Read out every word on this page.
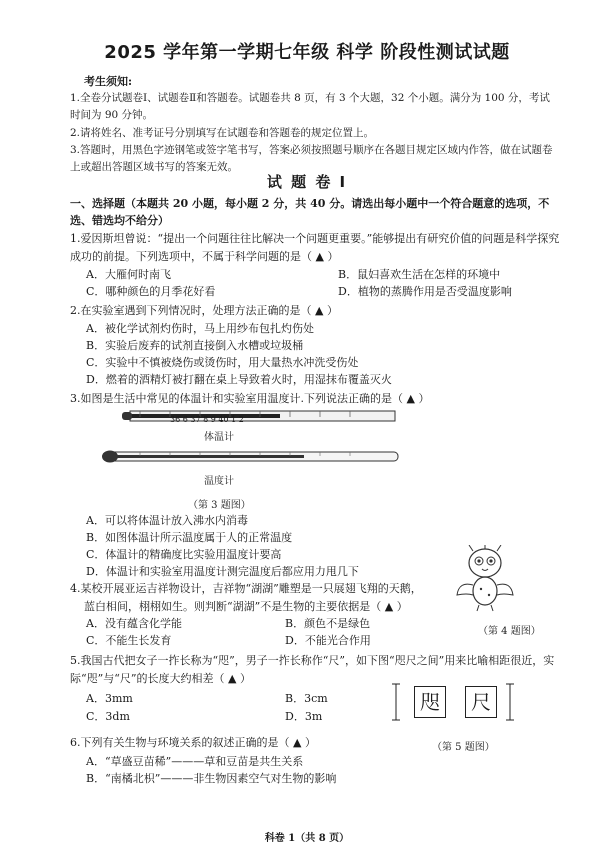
2025 学年第一学期七年级 科学 阶段性测试试题
考生须知:
1.全卷分试题卷Ⅰ、试题卷Ⅱ和答题卷。试题卷共 8 页，有 3 个大题，32 个小题。满分为 100 分，考试时间为 90 分钟。
2.请将姓名、准考证号分别填写在试题卷和答题卷的规定位置上。
3.答题时，用黑色字迹钢笔或签字笔书写，答案必须按照题号顺序在各题目规定区域内作答，做在试题卷上或超出答题区域书写的答案无效。
试 题 卷 Ⅰ
一、选择题（本题共 20 小题，每小题 2 分，共 40 分。请选出每小题中一个符合题意的选项，不选、错选均不给分）
1.爱因斯坦曾说：“提出一个问题往往比解决一个问题更重要。”能够提出有研究价值的问题是科学探究成功的前提。下列选项中，不属于科学问题的是（ ▲ ）
A．大雁何时南飞	B．鼠妇喜欢生活在怎样的环境中
C．哪种颜色的月季花好看	D．植物的蒸腾作用是否受温度影响
2.在实验室遇到下列情况时，处理方法正确的是（ ▲ ）
A．被化学试剂灼伤时，马上用纱布包扎灼伤处
B．实验后废弃的试剂直接倒入水槽或垃圾桶
C．实验中不慎被烧伤或烫伤时，用大量热水冲洗受伤处
D．燃着的酒精灯被打翻在桌上导致着火时，用湿抹布覆盖灭火
3.如图是生活中常见的体温计和实验室用温度计.下列说法正确的是（ ▲ ）
36 6 37 8 9 40 1 2
体温计
温度计
（第 3 题图）
A．可以将体温计放入沸水内消毒
B．如图体温计所示温度属于人的正常温度
C．体温计的精确度比实验用温度计要高
D．体温计和实验室用温度计测完温度后都应用力甩几下
4.某校开展亚运吉祥物设计，吉祥物“湖湖”雕塑是一只展翅飞翔的天鹅，
蓝白相间，栩栩如生。则判断“湖湖”不是生物的主要依据是（ ▲ ）
A．没有蕴含化学能	B．颜色不是绿色
C．不能生长发育	D．不能光合作用
（第 4 题图）
5.我国古代把女子一拃长称为“咫”，男子一拃长称作“尺”，如下图“咫尺之间”用来比喻相距很近，实际“咫”与“尺”的长度大约相差（ ▲ ）
A．3mm	B．3cm
C．3dm	D．3m
咫	尺
（第 5 题图）
6.下列有关生物与环境关系的叙述正确的是（ ▲ ）
A．“草盛豆苗稀”———草和豆苗是共生关系
B．“南橘北枳”———非生物因素空气对生物的影响
科卷 1（共 8 页）
